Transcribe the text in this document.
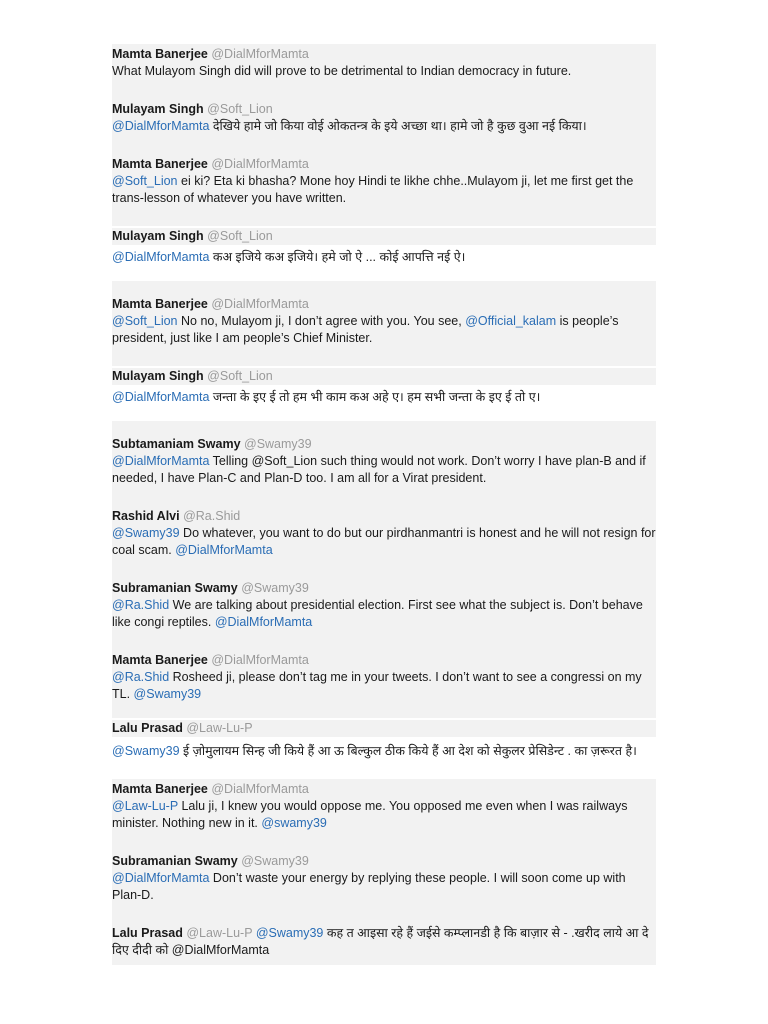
Mamta Banerjee @DialMforMamta
What Mulayom Singh did will prove to be detrimental to Indian democracy in future.
Mulayam Singh @Soft_Lion
@DialMforMamta देखिये हामे जो किया वोई ओकतन्त्र के इये अच्छा था। हामे जो है कुछ वुआ नई किया।
Mamta Banerjee @DialMforMamta
@Soft_Lion ei ki? Eta ki bhasha? Mone hoy Hindi te likhe chhe..Mulayom ji, let me first get the trans-lesson of whatever you have written.
Mulayam Singh @Soft_Lion
@DialMforMamta कअ इजिये कअ इजिये। हमे जो ऐ ... कोई आपत्ति नई ऐ।
Mamta Banerjee @DialMforMamta
@Soft_Lion No no, Mulayom ji, I don’t agree with you. You see, @Official_kalam is people’s president, just like I am people’s Chief Minister.
Mulayam Singh @Soft_Lion
@DialMforMamta जन्ता के इए ई तो हम भी काम कअ अहे ए। हम सभी जन्ता के इए ई तो ए।
Subtamaniam Swamy @Swamy39
@DialMforMamta Telling @Soft_Lion such thing would not work. Don’t worry I have plan-B and if needed, I have Plan-C and Plan-D too. I am all for a Virat president.
Rashid Alvi @Ra.Shid
@Swamy39 Do whatever, you want to do but our pirdhanmantri is honest and he will not resign for coal scam. @DialMforMamta
Subramanian Swamy @Swamy39
@Ra.Shid We are talking about presidential election. First see what the subject is. Don’t behave like congi reptiles. @DialMforMamta
Mamta Banerjee @DialMforMamta
@Ra.Shid Rosheed ji, please don’t tag me in your tweets. I don’t want to see a congressi on my TL. @Swamy39
Lalu Prasad @Law-Lu-P
@Swamy39 ई ज़ोमुलायम सिन्ह जी किये हैं आ ऊ बिल्कुल ठीक किये हैं आ देश को सेकुलर प्रेसिडेन्ट . का ज़रूरत है।
Mamta Banerjee @DialMforMamta
@Law-Lu-P Lalu ji, I knew you would oppose me. You opposed me even when I was railways minister. Nothing new in it. @swamy39
Subramanian Swamy @Swamy39
@DialMforMamta Don’t waste your energy by replying these people. I will soon come up with Plan-D.
Lalu Prasad @Law-Lu-P @Swamy39 कह त आइसा रहे हैं जईसे कम्प्लानडी है कि बाज़ार से - .खरीद लाये आ दे दिए दीदी को @DialMforMamta
